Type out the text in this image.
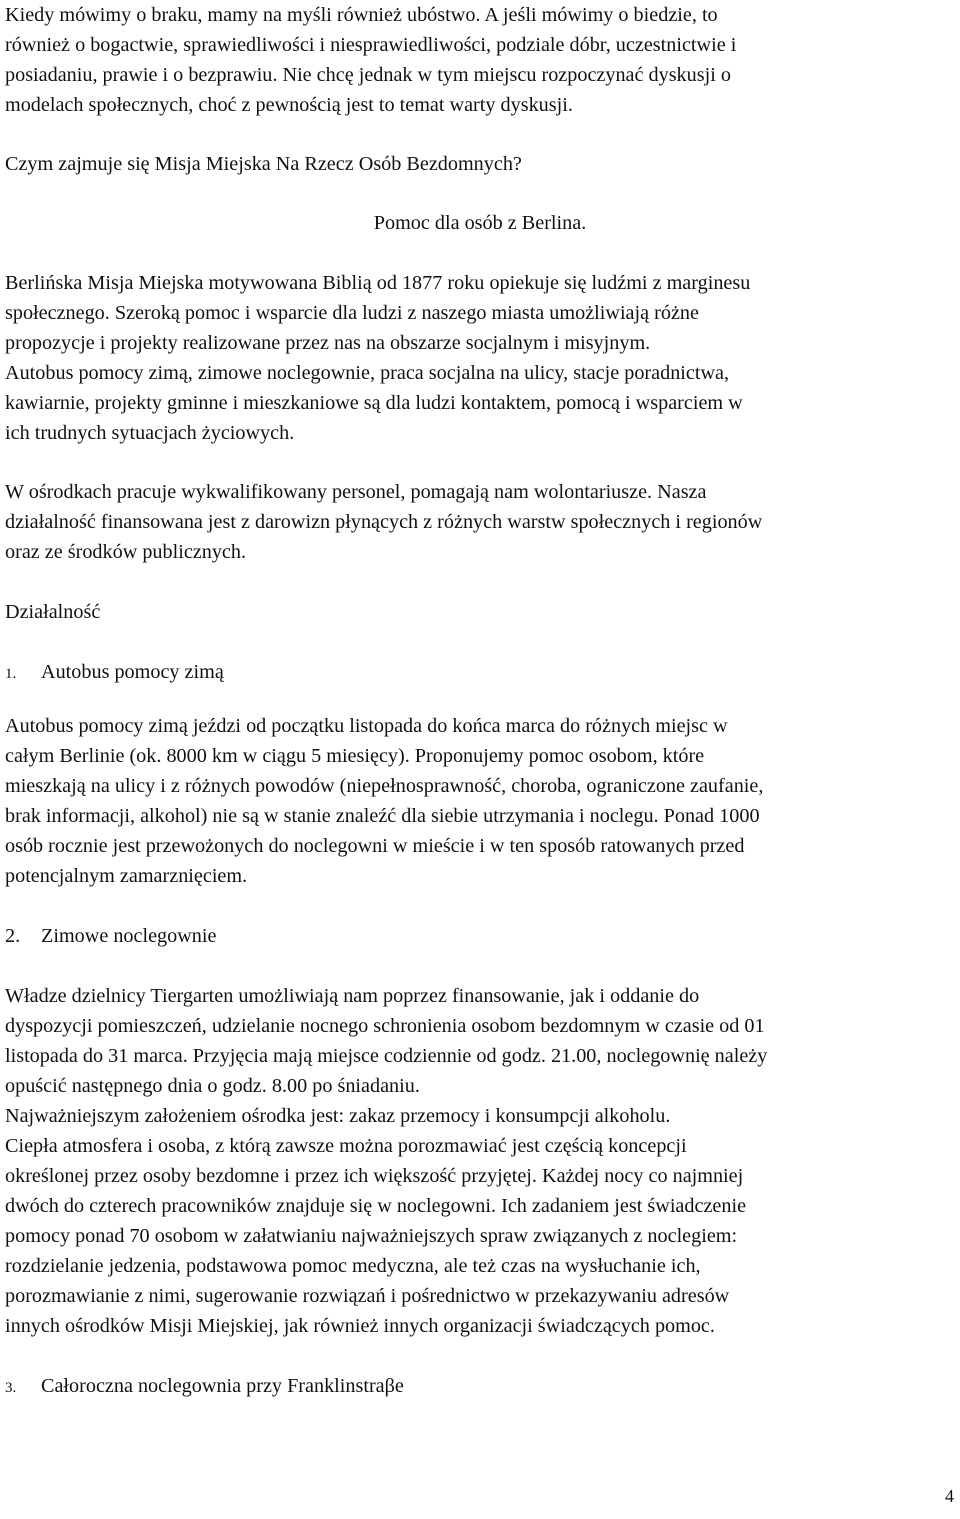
Kiedy mówimy o braku, mamy na myśli również ubóstwo. A jeśli mówimy o biedzie, to
również o bogactwie, sprawiedliwości i niesprawiedliwości, podziale dóbr, uczestnictwie i
posiadaniu, prawie i o bezprawiu. Nie chcę jednak w tym miejscu rozpoczynać dyskusji o
modelach społecznych, choć z pewnością jest to temat warty dyskusji.

Czym zajmuje się Misja Miejska Na Rzecz Osób Bezdomnych?

Pomoc dla osób z Berlina.

Berlińska Misja Miejska motywowana Biblią od 1877 roku opiekuje się ludźmi z marginesu
społecznego. Szeroką pomoc i wsparcie dla ludzi z naszego miasta umożliwiają różne
propozycje i projekty realizowane przez nas na obszarze socjalnym i misyjnym.
Autobus pomocy zimą, zimowe noclegownie, praca socjalna na ulicy, stacje poradnictwa,
kawiarnie, projekty gminne i mieszkaniowe są dla ludzi kontaktem, pomocą i wsparciem w
ich trudnych sytuacjach życiowych.

W ośrodkach pracuje wykwalifikowany personel, pomagają nam wolontariusze. Nasza
działalność finansowana jest z darowizn płynących z różnych warstw społecznych i regionów
oraz ze środków publicznych.

Działalność

1. Autobus pomocy zimą

Autobus pomocy zimą jeździ od początku listopada do końca marca do różnych miejsc w
całym Berlinie (ok. 8000 km w ciągu 5 miesięcy). Proponujemy pomoc osobom, które
mieszkają na ulicy i z różnych powodów (niepełnosprawność, choroba, ograniczone zaufanie,
brak informacji, alkohol) nie są w stanie znaleźć dla siebie utrzymania i noclegu. Ponad 1000
osób rocznie jest przewożonych do noclegowni w mieście i w ten sposób ratowanych przed
potencjalnym zamarznięciem.

2. Zimowe noclegownie

Władze dzielnicy Tiergarten umożliwiają nam poprzez finansowanie, jak i oddanie do
dyspozycji pomieszczeń, udzielanie nocnego schronienia osobom bezdomnym w czasie od 01
listopada do 31 marca. Przyjęcia mają miejsce codziennie od godz. 21.00, noclegownię należy
opuścić następnego dnia o godz. 8.00 po śniadaniu.
Najważniejszym założeniem ośrodka jest: zakaz przemocy i konsumpcji alkoholu.
Ciepła atmosfera i osoba, z którą zawsze można porozmawiać jest częścią koncepcji
określonej przez osoby bezdomne i przez ich większość przyjętej. Każdej nocy co najmniej
dwóch do czterech pracowników znajduje się w noclegowni. Ich zadaniem jest świadczenie
pomocy ponad 70 osobom w załatwianiu najważniejszych spraw związanych z noclegiem:
rozdzielanie jedzenia, podstawowa pomoc medyczna, ale też czas na wysłuchanie ich,
porozmawianie z nimi, sugerowanie rozwiązań i pośrednictwo w przekazywaniu adresów
innych ośrodków Misji Miejskiej, jak również innych organizacji świadczących pomoc.

3. Całoroczna noclegownia przy Franklinstraβe

4
